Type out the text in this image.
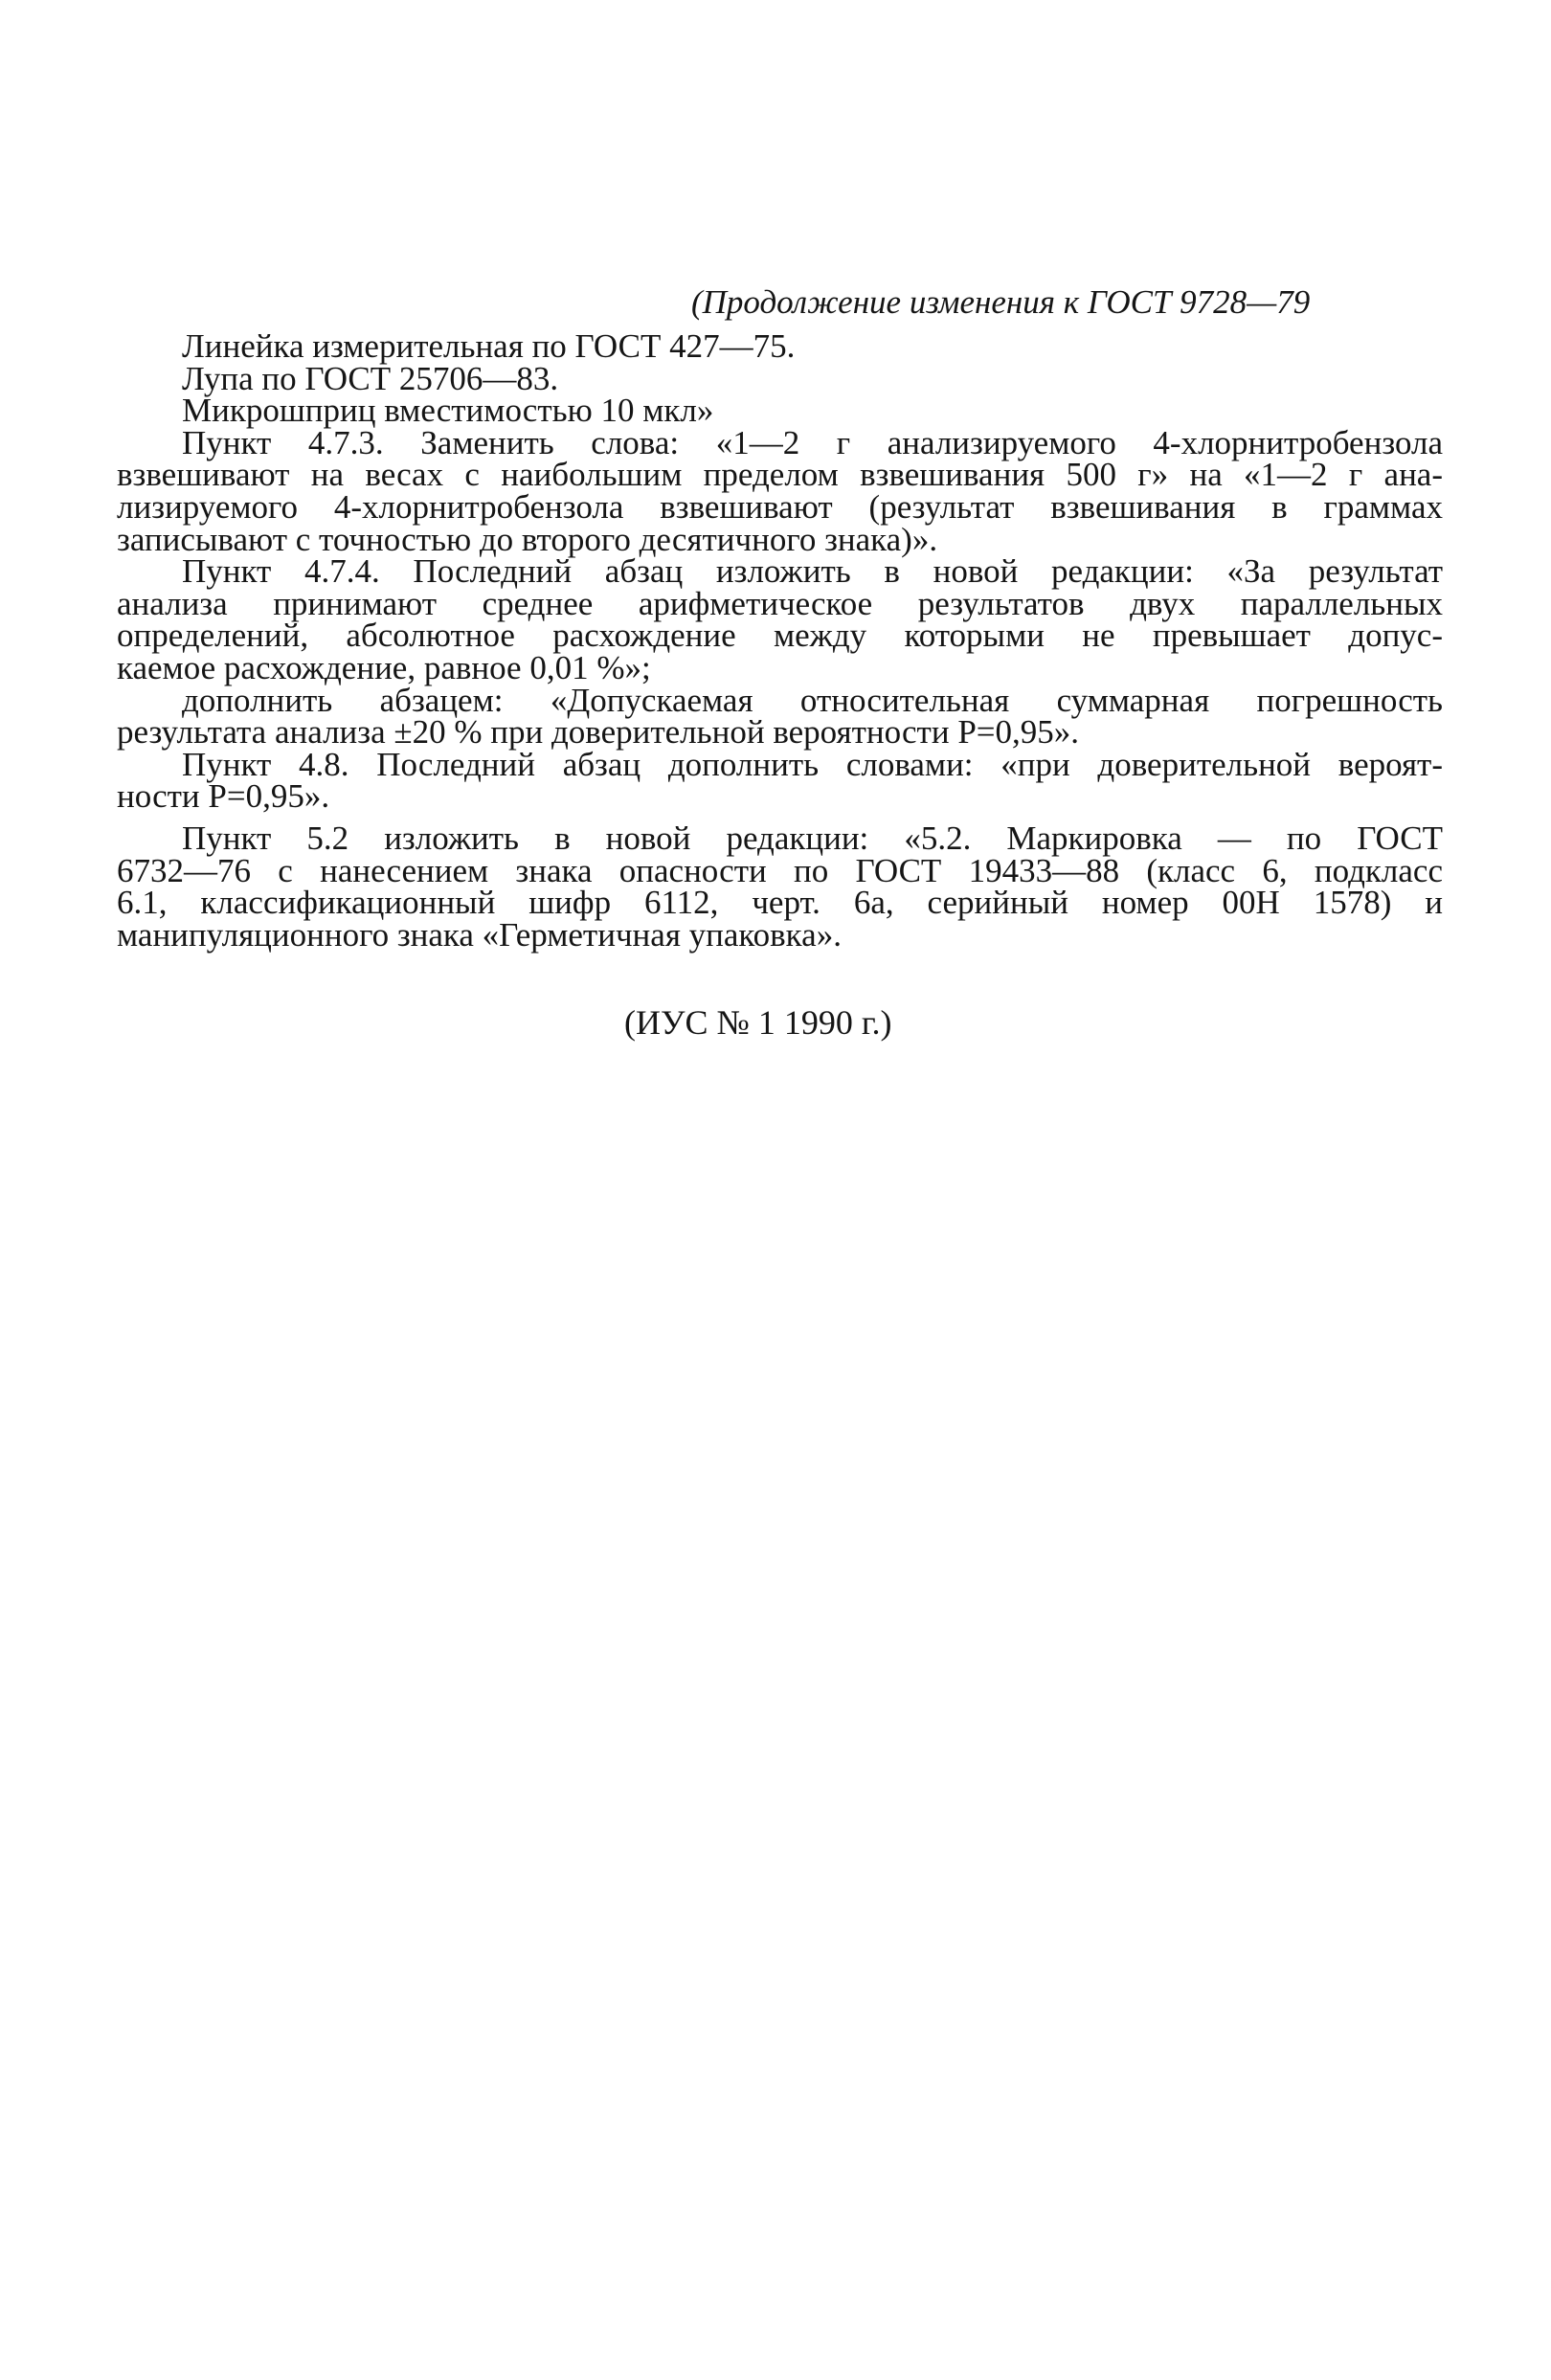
(Продолжение изменения к ГОСТ 9728—79
Линейка измерительная по ГОСТ 427—75.
Лупа по ГОСТ 25706—83.
Микрошприц вместимостью 10 мкл»
Пункт 4.7.3. Заменить слова: «1—2 г анализируемого 4-хлорнитробензола
взвешивают на весах с наибольшим пределом взвешивания 500 г» на «1—2 г ана-
лизируемого 4-хлорнитробензола взвешивают (результат взвешивания в граммах
записывают с точностью до второго десятичного знака)».
Пункт 4.7.4. Последний абзац изложить в новой редакции: «За результат
анализа принимают среднее арифметическое результатов двух параллельных
определений, абсолютное расхождение между которыми не превышает допус-
каемое расхождение, равное 0,01 %»;
дополнить абзацем: «Допускаемая относительная суммарная погрешность
результата анализа ±20 % при доверительной вероятности P=0,95».
Пункт 4.8. Последний абзац дополнить словами: «при доверительной вероят-
ности P=0,95».
Пункт 5.2 изложить в новой редакции: «5.2. Маркировка — по ГОСТ
6732—76 с нанесением знака опасности по ГОСТ 19433—88 (класс 6, подкласс
6.1, классификационный шифр 6112, черт. 6а, серийный номер 00Н 1578) и
манипуляционного знака «Герметичная упаковка».
(ИУС № 1 1990 г.)
